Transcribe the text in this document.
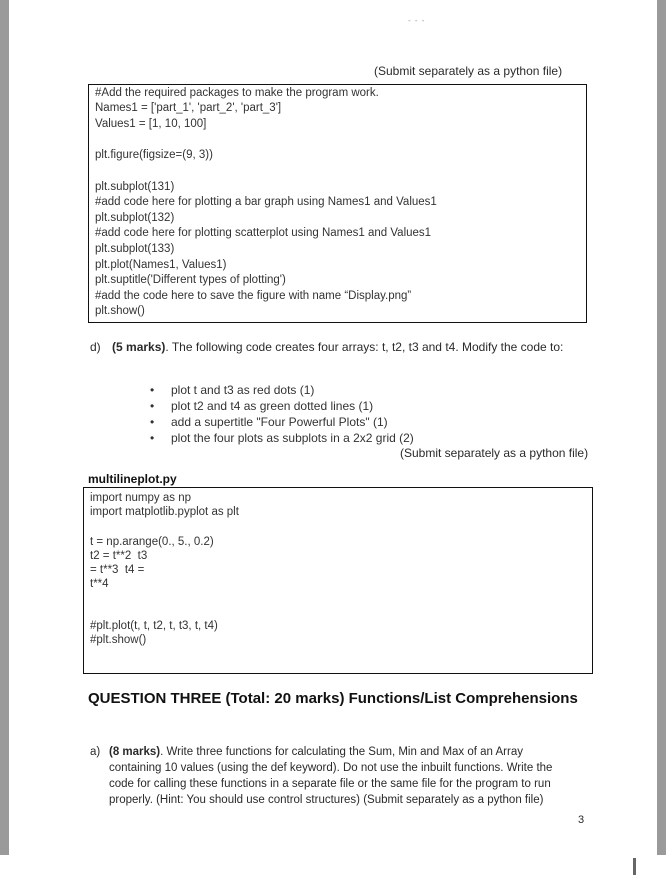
- - -
(Submit separately as a python file)
#Add the required packages to make the program work.
Names1 = ['part_1', 'part_2', 'part_3']
Values1 = [1, 10, 100]
plt.figure(figsize=(9, 3))
plt.subplot(131)
#add code here for plotting a bar graph using Names1 and Values1
plt.subplot(132)
#add code here for plotting scatterplot using Names1 and Values1
plt.subplot(133)
plt.plot(Names1, Values1)
plt.suptitle('Different types of plotting')
#add the code here to save the figure with name “Display.png”
plt.show()
d) (5 marks). The following code creates four arrays: t, t2, t3 and t4. Modify the code to:
• plot t and t3 as red dots (1)
• plot t2 and t4 as green dotted lines (1)
• add a supertitle "Four Powerful Plots" (1)
• plot the four plots as subplots in a 2x2 grid (2)
(Submit separately as a python file)
multilineplot.py
import numpy as np
import matplotlib.pyplot as plt
t = np.arange(0., 5., 0.2)
t2 = t**2  t3
= t**3  t4 =
t**4
#plt.plot(t, t, t2, t, t3, t, t4)
#plt.show()
QUESTION THREE (Total: 20 marks) Functions/List Comprehensions
a) (8 marks). Write three functions for calculating the Sum, Min and Max of an Array
containing 10 values (using the def keyword). Do not use the inbuilt functions. Write the
code for calling these functions in a separate file or the same file for the program to run
properly. (Hint: You should use control structures) (Submit separately as a python file)
3
